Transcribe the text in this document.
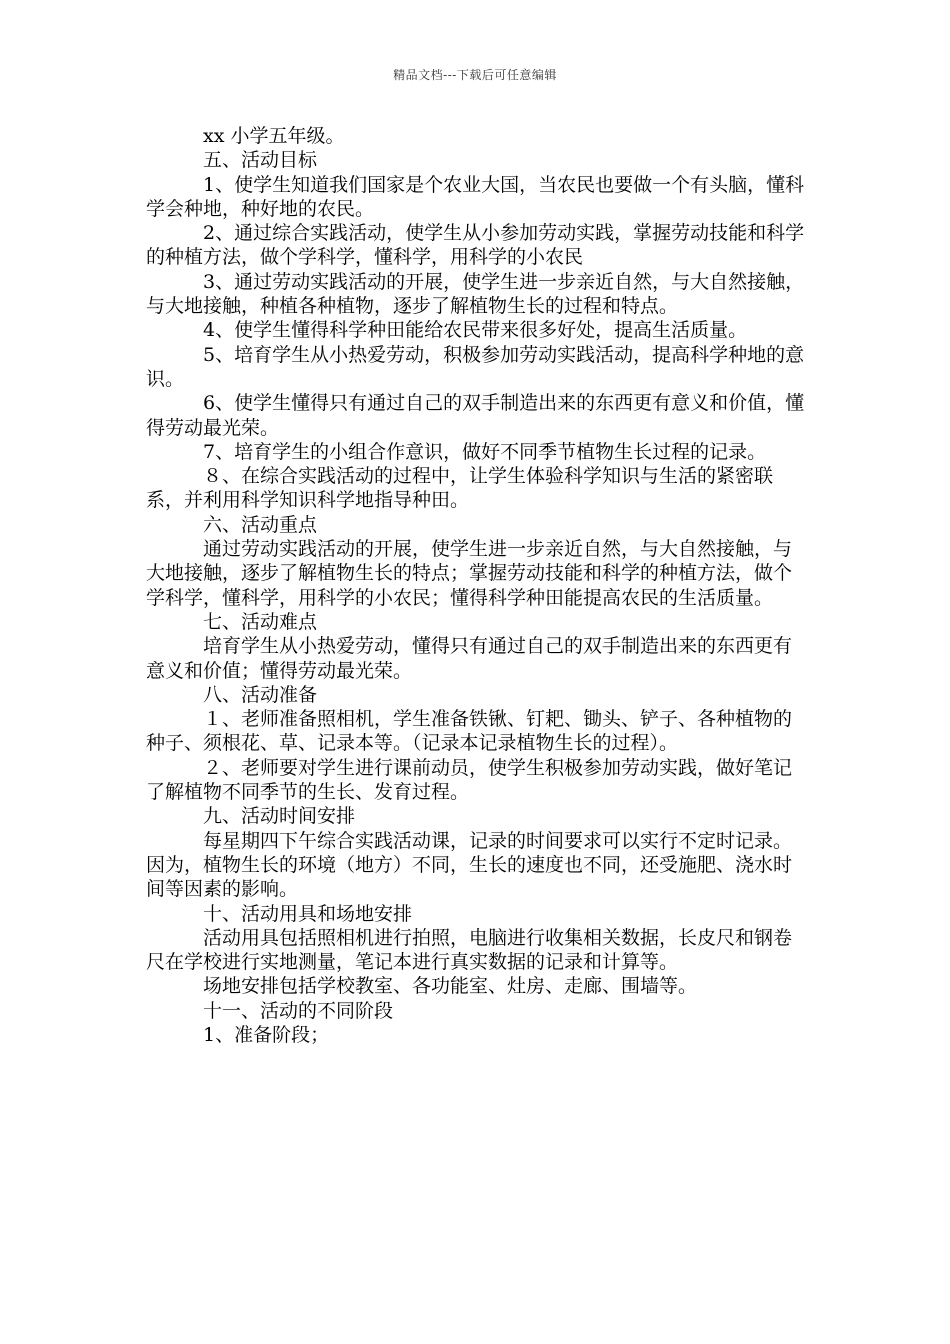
精品文档---下载后可任意编辑

xx 小学五年级。

五、活动目标

1、使学生知道我们国家是个农业大国，当农民也要做一个有头脑，懂科学会种地，种好地的农民。

2、通过综合实践活动，使学生从小参加劳动实践，掌握劳动技能和科学的种植方法，做个学科学，懂科学，用科学的小农民

3、通过劳动实践活动的开展，使学生进一步亲近自然，与大自然接触，与大地接触，种植各种植物，逐步了解植物生长的过程和特点。

4、使学生懂得科学种田能给农民带来很多好处，提高生活质量。

5、培育学生从小热爱劳动，积极参加劳动实践活动，提高科学种地的意识。

6、使学生懂得只有通过自己的双手制造出来的东西更有意义和价值，懂得劳动最光荣。

7、培育学生的小组合作意识，做好不同季节植物生长过程的记录。

８、在综合实践活动的过程中，让学生体验科学知识与生活的紧密联系，并利用科学知识科学地指导种田。

六、活动重点

通过劳动实践活动的开展，使学生进一步亲近自然，与大自然接触，与大地接触，逐步了解植物生长的特点；掌握劳动技能和科学的种植方法，做个学科学，懂科学，用科学的小农民；懂得科学种田能提高农民的生活质量。

七、活动难点

培育学生从小热爱劳动，懂得只有通过自己的双手制造出来的东西更有意义和价值；懂得劳动最光荣。

八、活动准备

１、老师准备照相机，学生准备铁锹、钉耙、锄头、铲子、各种植物的种子、须根花、草、记录本等。（记录本记录植物生长的过程）。

２、老师要对学生进行课前动员，使学生积极参加劳动实践，做好笔记了解植物不同季节的生长、发育过程。

九、活动时间安排

每星期四下午综合实践活动课，记录的时间要求可以实行不定时记录。因为，植物生长的环境（地方）不同，生长的速度也不同，还受施肥、浇水时间等因素的影响。

十、活动用具和场地安排

活动用具包括照相机进行拍照，电脑进行收集相关数据，长皮尺和钢卷尺在学校进行实地测量，笔记本进行真实数据的记录和计算等。

场地安排包括学校教室、各功能室、灶房、走廊、围墙等。

十一、活动的不同阶段

1、准备阶段；
